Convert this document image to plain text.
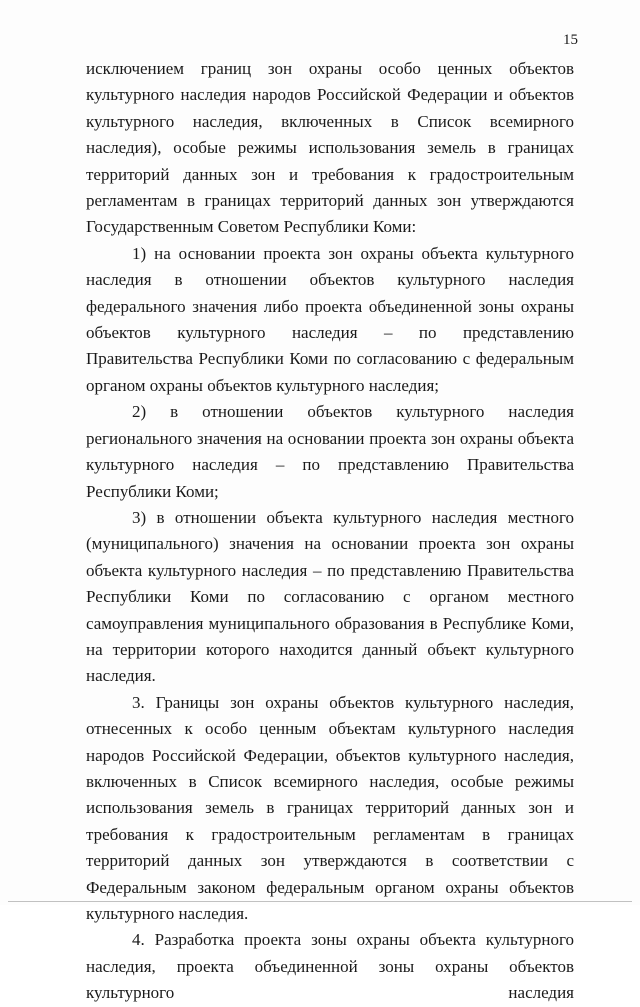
15

исключением границ зон охраны особо ценных объектов культурного наследия народов Российской Федерации и объектов культурного наследия, включенных в Список всемирного наследия), особые режимы использования земель в границах территорий данных зон и требования к градостроительным регламентам в границах территорий данных зон утверждаются Государственным Советом Республики Коми:

1) на основании проекта зон охраны объекта культурного наследия в отношении объектов культурного наследия федерального значения либо проекта объединенной зоны охраны объектов культурного наследия – по представлению Правительства Республики Коми по согласованию с федеральным органом охраны объектов культурного наследия;

2) в отношении объектов культурного наследия регионального значения на основании проекта зон охраны объекта культурного наследия – по представлению Правительства Республики Коми;

3) в отношении объекта культурного наследия местного (муниципального) значения на основании проекта зон охраны объекта культурного наследия – по представлению Правительства Республики Коми по согласованию с органом местного самоуправления муниципального образования в Республике Коми, на территории которого находится данный объект культурного наследия.

3. Границы зон охраны объектов культурного наследия, отнесенных к особо ценным объектам культурного наследия народов Российской Федерации, объектов культурного наследия, включенных в Список всемирного наследия, особые режимы использования земель в границах территорий данных зон и требования к градостроительным регламентам в границах территорий данных зон утверждаются в соответствии с Федеральным законом федеральным органом охраны объектов культурного наследия.

4. Разработка проекта зоны охраны объекта культурного наследия, проекта объединенной зоны охраны объектов культурного наследия
